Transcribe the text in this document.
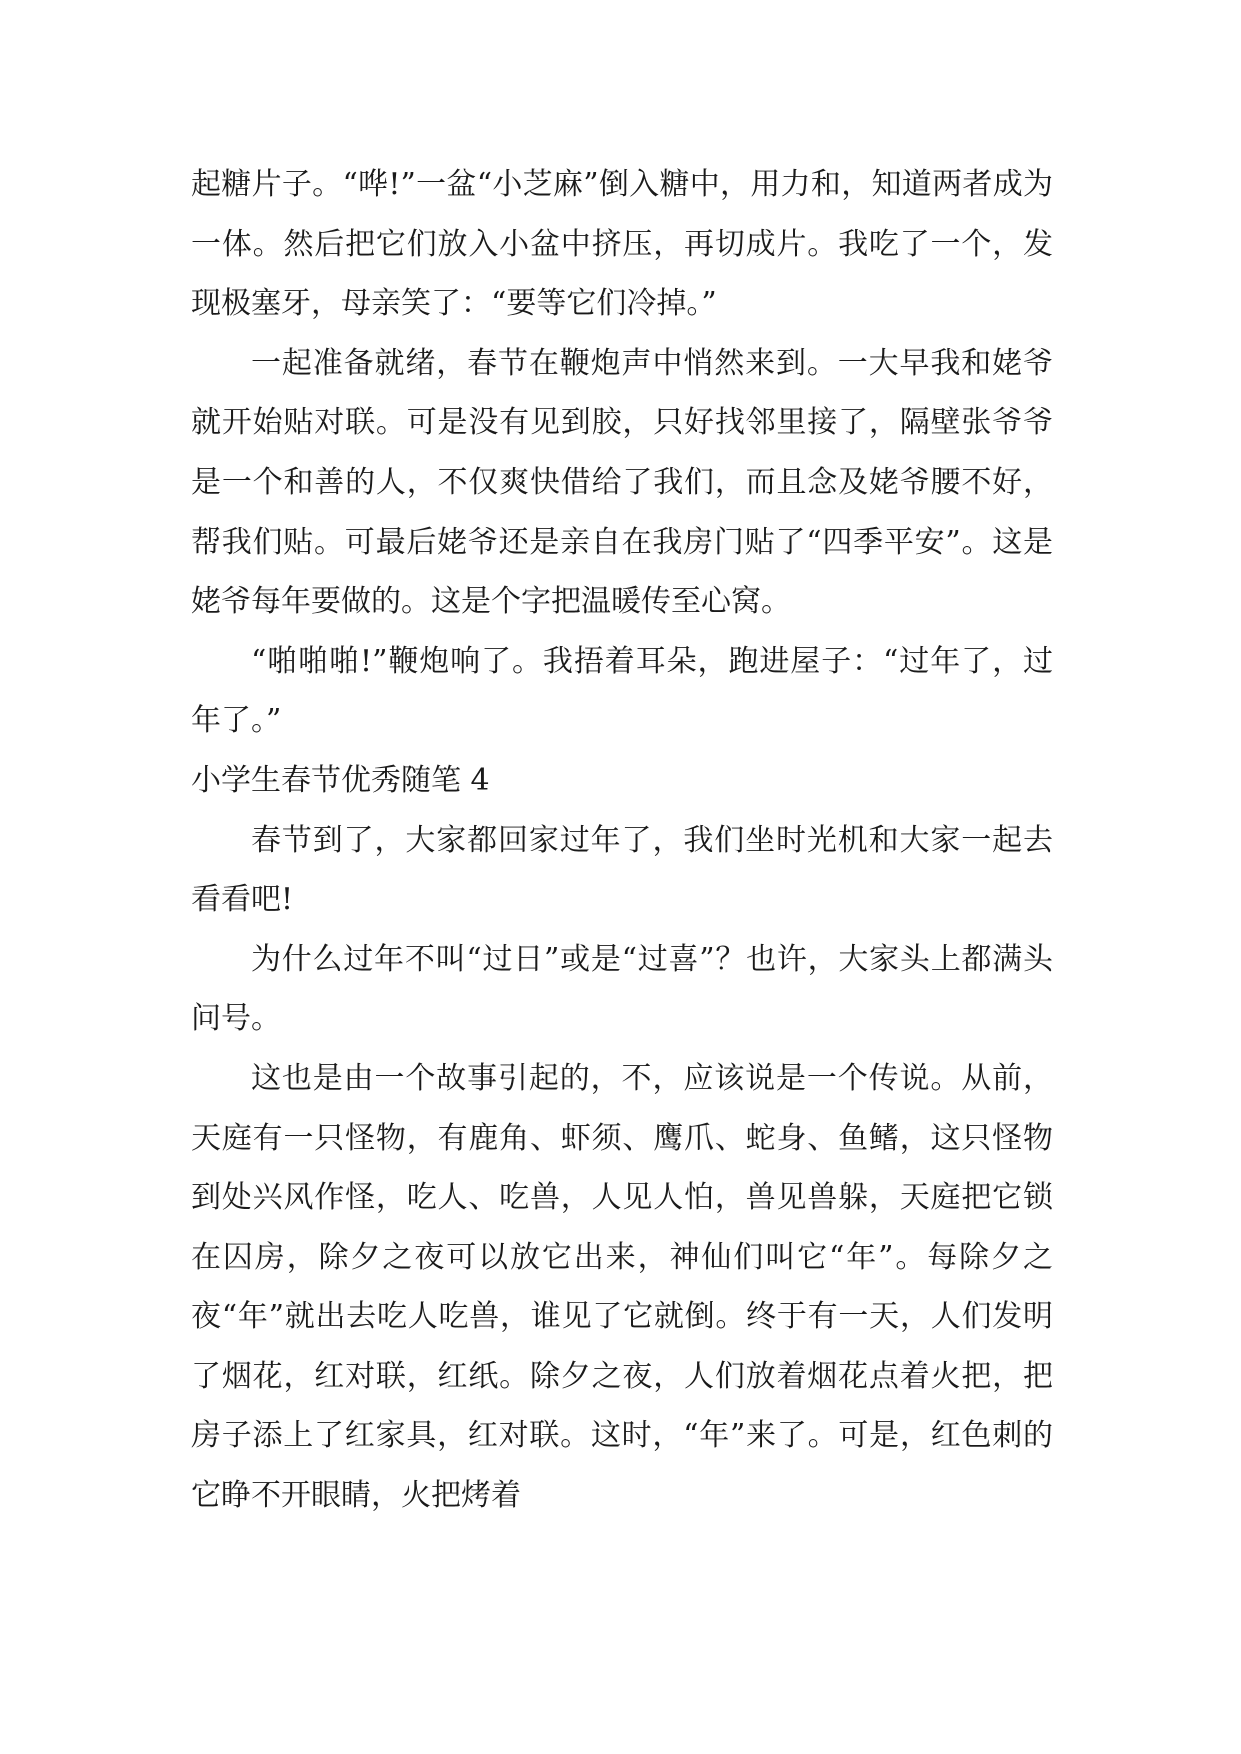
起糖片子。“哗!”一盆“小芝麻”倒入糖中，用力和，知道两者成为一体。然后把它们放入小盆中挤压，再切成片。我吃了一个，发现极塞牙，母亲笑了：“要等它们冷掉。”

一起准备就绪，春节在鞭炮声中悄然来到。一大早我和姥爷就开始贴对联。可是没有见到胶，只好找邻里接了，隔壁张爷爷是一个和善的人，不仅爽快借给了我们，而且念及姥爷腰不好，帮我们贴。可最后姥爷还是亲自在我房门贴了“四季平安”。这是姥爷每年要做的。这是个字把温暖传至心窝。

“啪啪啪!”鞭炮响了。我捂着耳朵，跑进屋子：“过年了，过年了。”

小学生春节优秀随笔 4

春节到了，大家都回家过年了，我们坐时光机和大家一起去看看吧!

为什么过年不叫“过日”或是“过喜”？也许，大家头上都满头问号。

这也是由一个故事引起的，不，应该说是一个传说。从前，天庭有一只怪物，有鹿角、虾须、鹰爪、蛇身、鱼鳍，这只怪物到处兴风作怪，吃人、吃兽，人见人怕，兽见兽躲，天庭把它锁在囚房，除夕之夜可以放它出来，神仙们叫它“年”。每除夕之夜“年”就出去吃人吃兽，谁见了它就倒。终于有一天，人们发明了烟花，红对联，红纸。除夕之夜，人们放着烟花点着火把，把房子添上了红家具，红对联。这时，“年”来了。可是，红色刺的它睁不开眼睛，火把烤着
